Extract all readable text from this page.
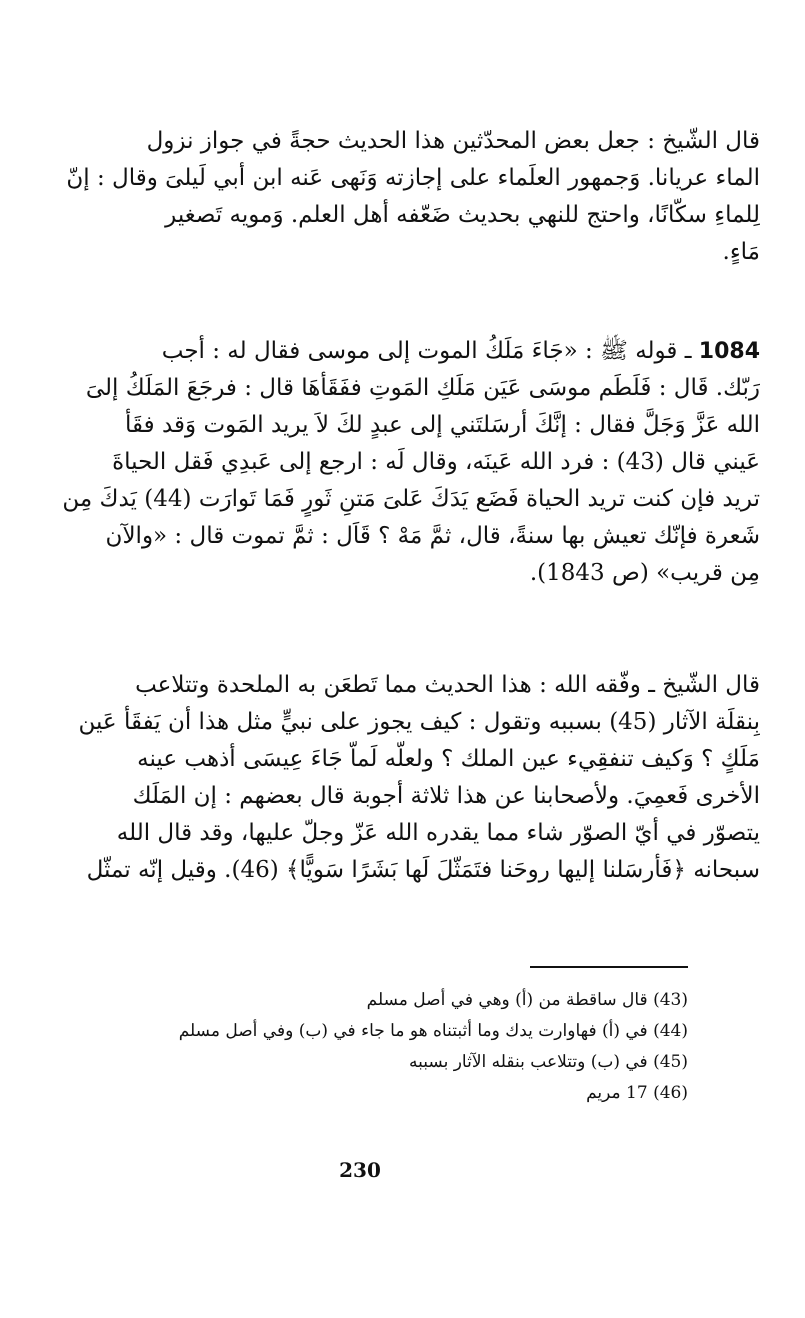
قال الشّيخ : جعل بعض المحدّثين هذا الحديث حجةً في جواز نزول
الماء عريانا. وَجمهور العلَماء على إجازته وَنَهى عَنه ابن أبي لَيلىَ وقال : إنّ
لِلماءِ سكّانًا، واحتج للنهي بحديث ضَعّفه أهل العلم. وَمويه تَصغير
مَاءٍ.
1084 ـ قوله ﷺ : «جَاءَ مَلَكُ الموت إلى موسى فقال له : أجب
رَبّك. قَال : فَلَطَم موسَى عَيَن مَلَكِ المَوتِ ففَقَأهَا قال : فرجَعَ المَلَكُ إلىَ
الله عَزَّ وَجَلَّ فقال : إنَّكَ أرسَلتَني إلى عبدٍ لكَ لاَ يريد المَوت وَقد فقَأ
عَيني قال (43) : فرد الله عَينَه، وقال لَه : ارجع إلى عَبدِي فَقل الحياةَ
تريد فإن كنت تريد الحياة فَضَع يَدَكَ عَلىَ مَتنِ ثَورٍ فَمَا تَوارَت (44) يَدكَ مِن
شَعرة فإنّك تعيش بها سنةً، قال، ثمَّ مَهْ ؟ قَاَل : ثمَّ تموت قال : «والآن
مِن قريب» (ص 1843).
قال الشّيخ ـ وفّقه الله : هذا الحديث مما تَطعَن به الملحدة وتتلاعب
بِنقلَة الآثار (45) بسببه وتقول : كيف يجوز على نبيٍّ مثل هذا أن يَفقَأ عَين
مَلَكٍ ؟ وَكيف تنفقِيء عين الملك ؟ ولعلّه لَماّ جَاءَ عِيسَى أذهب عينه
الأخرى فَعمِيَ. ولأصحابنا عن هذا ثلاثة أجوبة قال بعضهم : إن المَلَك
يتصوّر في أيّ الصوّر شاء مما يقدره الله عَزّ وجلّ عليها، وقد قال الله
سبحانه ﴿فَأرسَلنا إليها روحَنا فتَمَثّلَ لَها بَشَرًا سَويًّا﴾ (46). وقيل إنّه تمثّل
(43) قال ساقطة من (أ) وهي في أصل مسلم
(44) في (أ) فهاوارت يدك وما أثبتناه هو ما جاء في (ب) وفي أصل مسلم
(45) في (ب) وتتلاعب بنقله الآثار بسببه
(46) 17 مريم
230
